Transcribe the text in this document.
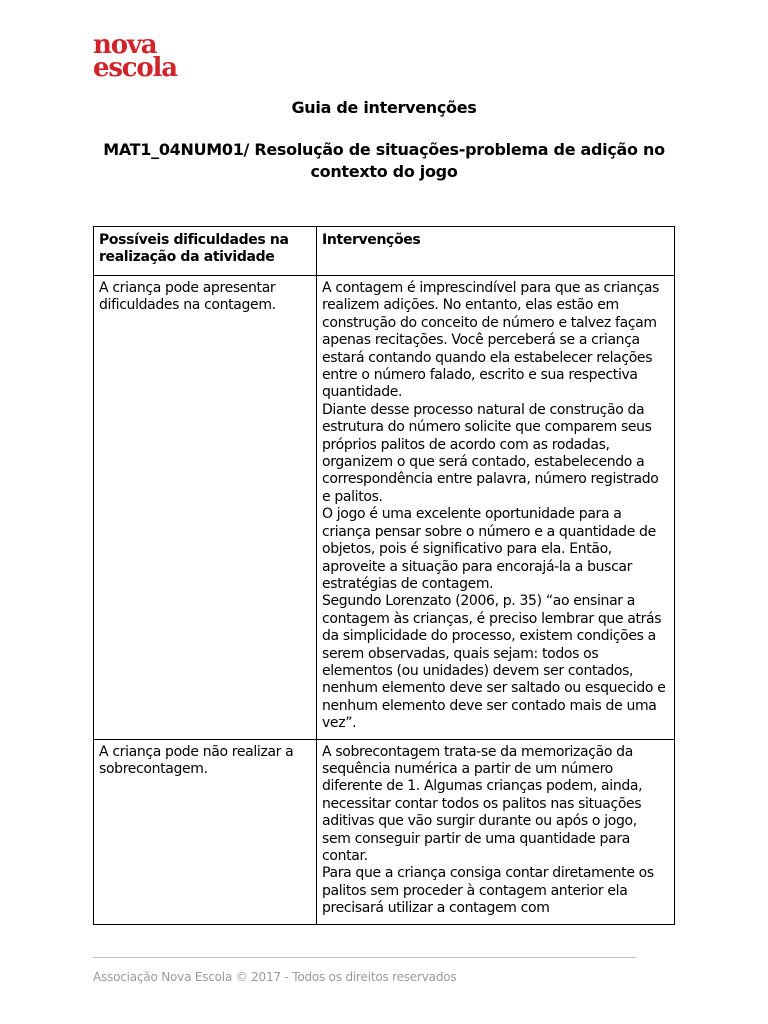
nova
escola
Guia de intervenções
MAT1_04NUM01/ Resolução de situações-problema de adição no contexto do jogo
Possíveis dificuldades na realização da atividade	Intervenções
A criança pode apresentar dificuldades na contagem.	A contagem é imprescindível para que as crianças realizem adições. No entanto, elas estão em construção do conceito de número e talvez façam apenas recitações. Você perceberá se a criança estará contando quando ela estabelecer relações entre o número falado, escrito e sua respectiva quantidade.
Diante desse processo natural de construção da estrutura do número solicite que comparem seus próprios palitos de acordo com as rodadas, organizem o que será contado, estabelecendo a correspondência entre palavra, número registrado e palitos.
O jogo é uma excelente oportunidade para a criança pensar sobre o número e a quantidade de objetos, pois é significativo para ela. Então, aproveite a situação para encorajá-la a buscar estratégias de contagem.
Segundo Lorenzato (2006, p. 35) “ao ensinar a contagem às crianças, é preciso lembrar que atrás da simplicidade do processo, existem condições a serem observadas, quais sejam: todos os elementos (ou unidades) devem ser contados, nenhum elemento deve ser saltado ou esquecido e nenhum elemento deve ser contado mais de uma vez”.

A criança pode não realizar a sobrecontagem.	A sobrecontagem trata-se da memorização da sequência numérica a partir de um número diferente de 1. Algumas crianças podem, ainda, necessitar contar todos os palitos nas situações aditivas que vão surgir durante ou após o jogo, sem conseguir partir de uma quantidade para contar.
Para que a criança consiga contar diretamente os palitos sem proceder à contagem anterior ela precisará utilizar a contagem com
Associação Nova Escola © 2017 - Todos os direitos reservados
